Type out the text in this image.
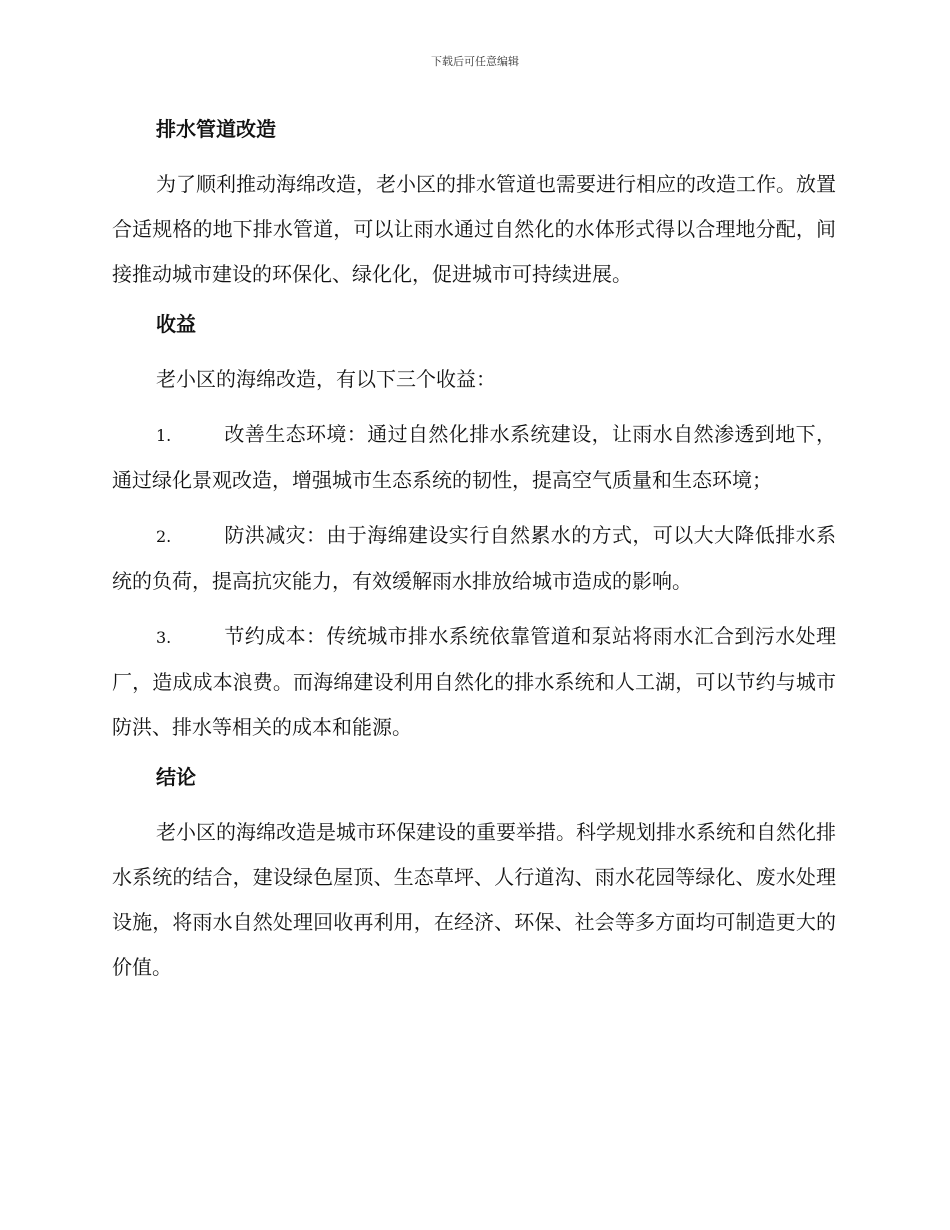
下载后可任意编辑
排水管道改造

为了顺利推动海绵改造，老小区的排水管道也需要进行相应的改造工作。放置合适规格的地下排水管道，可以让雨水通过自然化的水体形式得以合理地分配，间接推动城市建设的环保化、绿化化，促进城市可持续进展。

收益

老小区的海绵改造，有以下三个收益：

1.	改善生态环境：通过自然化排水系统建设，让雨水自然渗透到地下，通过绿化景观改造，增强城市生态系统的韧性，提高空气质量和生态环境；

2.	防洪减灾：由于海绵建设实行自然累水的方式，可以大大降低排水系统的负荷，提高抗灾能力，有效缓解雨水排放给城市造成的影响。

3.	节约成本：传统城市排水系统依靠管道和泵站将雨水汇合到污水处理厂，造成成本浪费。而海绵建设利用自然化的排水系统和人工湖，可以节约与城市防洪、排水等相关的成本和能源。

结论

老小区的海绵改造是城市环保建设的重要举措。科学规划排水系统和自然化排水系统的结合，建设绿色屋顶、生态草坪、人行道沟、雨水花园等绿化、废水处理设施，将雨水自然处理回收再利用，在经济、环保、社会等多方面均可制造更大的价值。
